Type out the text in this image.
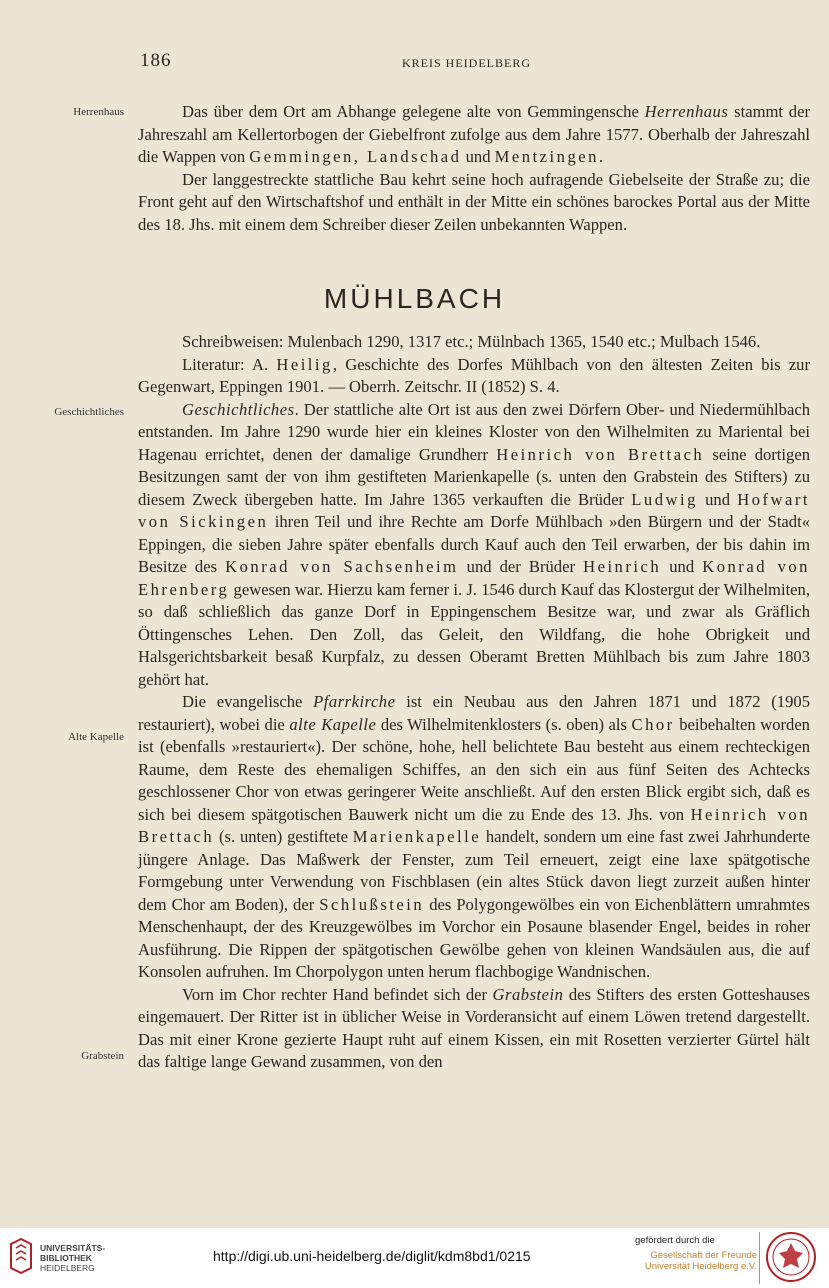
186	KREIS HEIDELBERG
Herrenhaus
Geschichtliches
Alte Kapelle
Grabstein

Das über dem Ort am Abhange gelegene alte von Gemmingensche Herrenhaus stammt der Jahreszahl am Kellertorbogen der Giebelfront zufolge aus dem Jahre 1577. Oberhalb der Jahreszahl die Wappen von Gemmingen, Landschad und Mentzingen.

Der langgestreckte stattliche Bau kehrt seine hoch aufragende Giebelseite der Straße zu; die Front geht auf den Wirtschaftshof und enthält in der Mitte ein schönes barockes Portal aus der Mitte des 18. Jhs. mit einem dem Schreiber dieser Zeilen unbekannten Wappen.

MÜHLBACH

Schreibweisen: Mulenbach 1290, 1317 etc.; Mülnbach 1365, 1540 etc.; Mulbach 1546.

Literatur: A. Heilig, Geschichte des Dorfes Mühlbach von den ältesten Zeiten bis zur Gegenwart, Eppingen 1901. — Oberrh. Zeitschr. II (1852) S. 4.

Geschichtliches. Der stattliche alte Ort ist aus den zwei Dörfern Ober- und Niedermühlbach entstanden. Im Jahre 1290 wurde hier ein kleines Kloster von den Wilhelmiten zu Mariental bei Hagenau errichtet, denen der damalige Grundherr Heinrich von Brettach seine dortigen Besitzungen samt der von ihm gestifteten Marienkapelle (s. unten den Grabstein des Stifters) zu diesem Zweck übergeben hatte. Im Jahre 1365 verkauften die Brüder Ludwig und Hofwart von Sickingen ihren Teil und ihre Rechte am Dorfe Mühlbach »den Bürgern und der Stadt« Eppingen, die sieben Jahre später ebenfalls durch Kauf auch den Teil erwarben, der bis dahin im Besitze des Konrad von Sachsenheim und der Brüder Heinrich und Konrad von Ehrenberg gewesen war. Hierzu kam ferner i. J. 1546 durch Kauf das Klostergut der Wilhelmiten, so daß schließlich das ganze Dorf in Eppingenschem Besitze war, und zwar als Gräflich Öttingensches Lehen. Den Zoll, das Geleit, den Wildfang, die hohe Obrigkeit und Halsgerichtsbarkeit besaß Kurpfalz, zu dessen Oberamt Bretten Mühlbach bis zum Jahre 1803 gehört hat.

Die evangelische Pfarrkirche ist ein Neubau aus den Jahren 1871 und 1872 (1905 restauriert), wobei die alte Kapelle des Wilhelmitenklosters (s. oben) als Chor beibehalten worden ist (ebenfalls »restauriert«). Der schöne, hohe, hell belichtete Bau besteht aus einem rechteckigen Raume, dem Reste des ehemaligen Schiffes, an den sich ein aus fünf Seiten des Achtecks geschlossener Chor von etwas geringerer Weite anschließt. Auf den ersten Blick ergibt sich, daß es sich bei diesem spätgotischen Bauwerk nicht um die zu Ende des 13. Jhs. von Heinrich von Brettach (s. unten) gestiftete Marienkapelle handelt, sondern um eine fast zwei Jahrhunderte jüngere Anlage. Das Maßwerk der Fenster, zum Teil erneuert, zeigt eine laxe spätgotische Formgebung unter Verwendung von Fischblasen (ein altes Stück davon liegt zurzeit außen hinter dem Chor am Boden), der Schlußstein des Polygongewölbes ein von Eichenblättern umrahmtes Menschenhaupt, der des Kreuzgewölbes im Vorchor ein Posaune blasender Engel, beides in roher Ausführung. Die Rippen der spätgotischen Gewölbe gehen von kleinen Wandsäulen aus, die auf Konsolen aufruhen. Im Chorpolygon unten herum flachbogige Wandnischen.

Vorn im Chor rechter Hand befindet sich der Grabstein des Stifters des ersten Gotteshauses eingemauert. Der Ritter ist in üblicher Weise in Vorderansicht auf einem Löwen tretend dargestellt. Das mit einer Krone gezierte Haupt ruht auf einem Kissen, ein mit Rosetten verzierter Gürtel hält das faltige lange Gewand zusammen, von den

UNIVERSITÄTS-
BIBLIOTHEK
HEIDELBERG
http://digi.ub.uni-heidelberg.de/diglit/kdm8bd1/0215
gefördert durch die
Gesellschaft der Freunde
Universität Heidelberg e.V.
